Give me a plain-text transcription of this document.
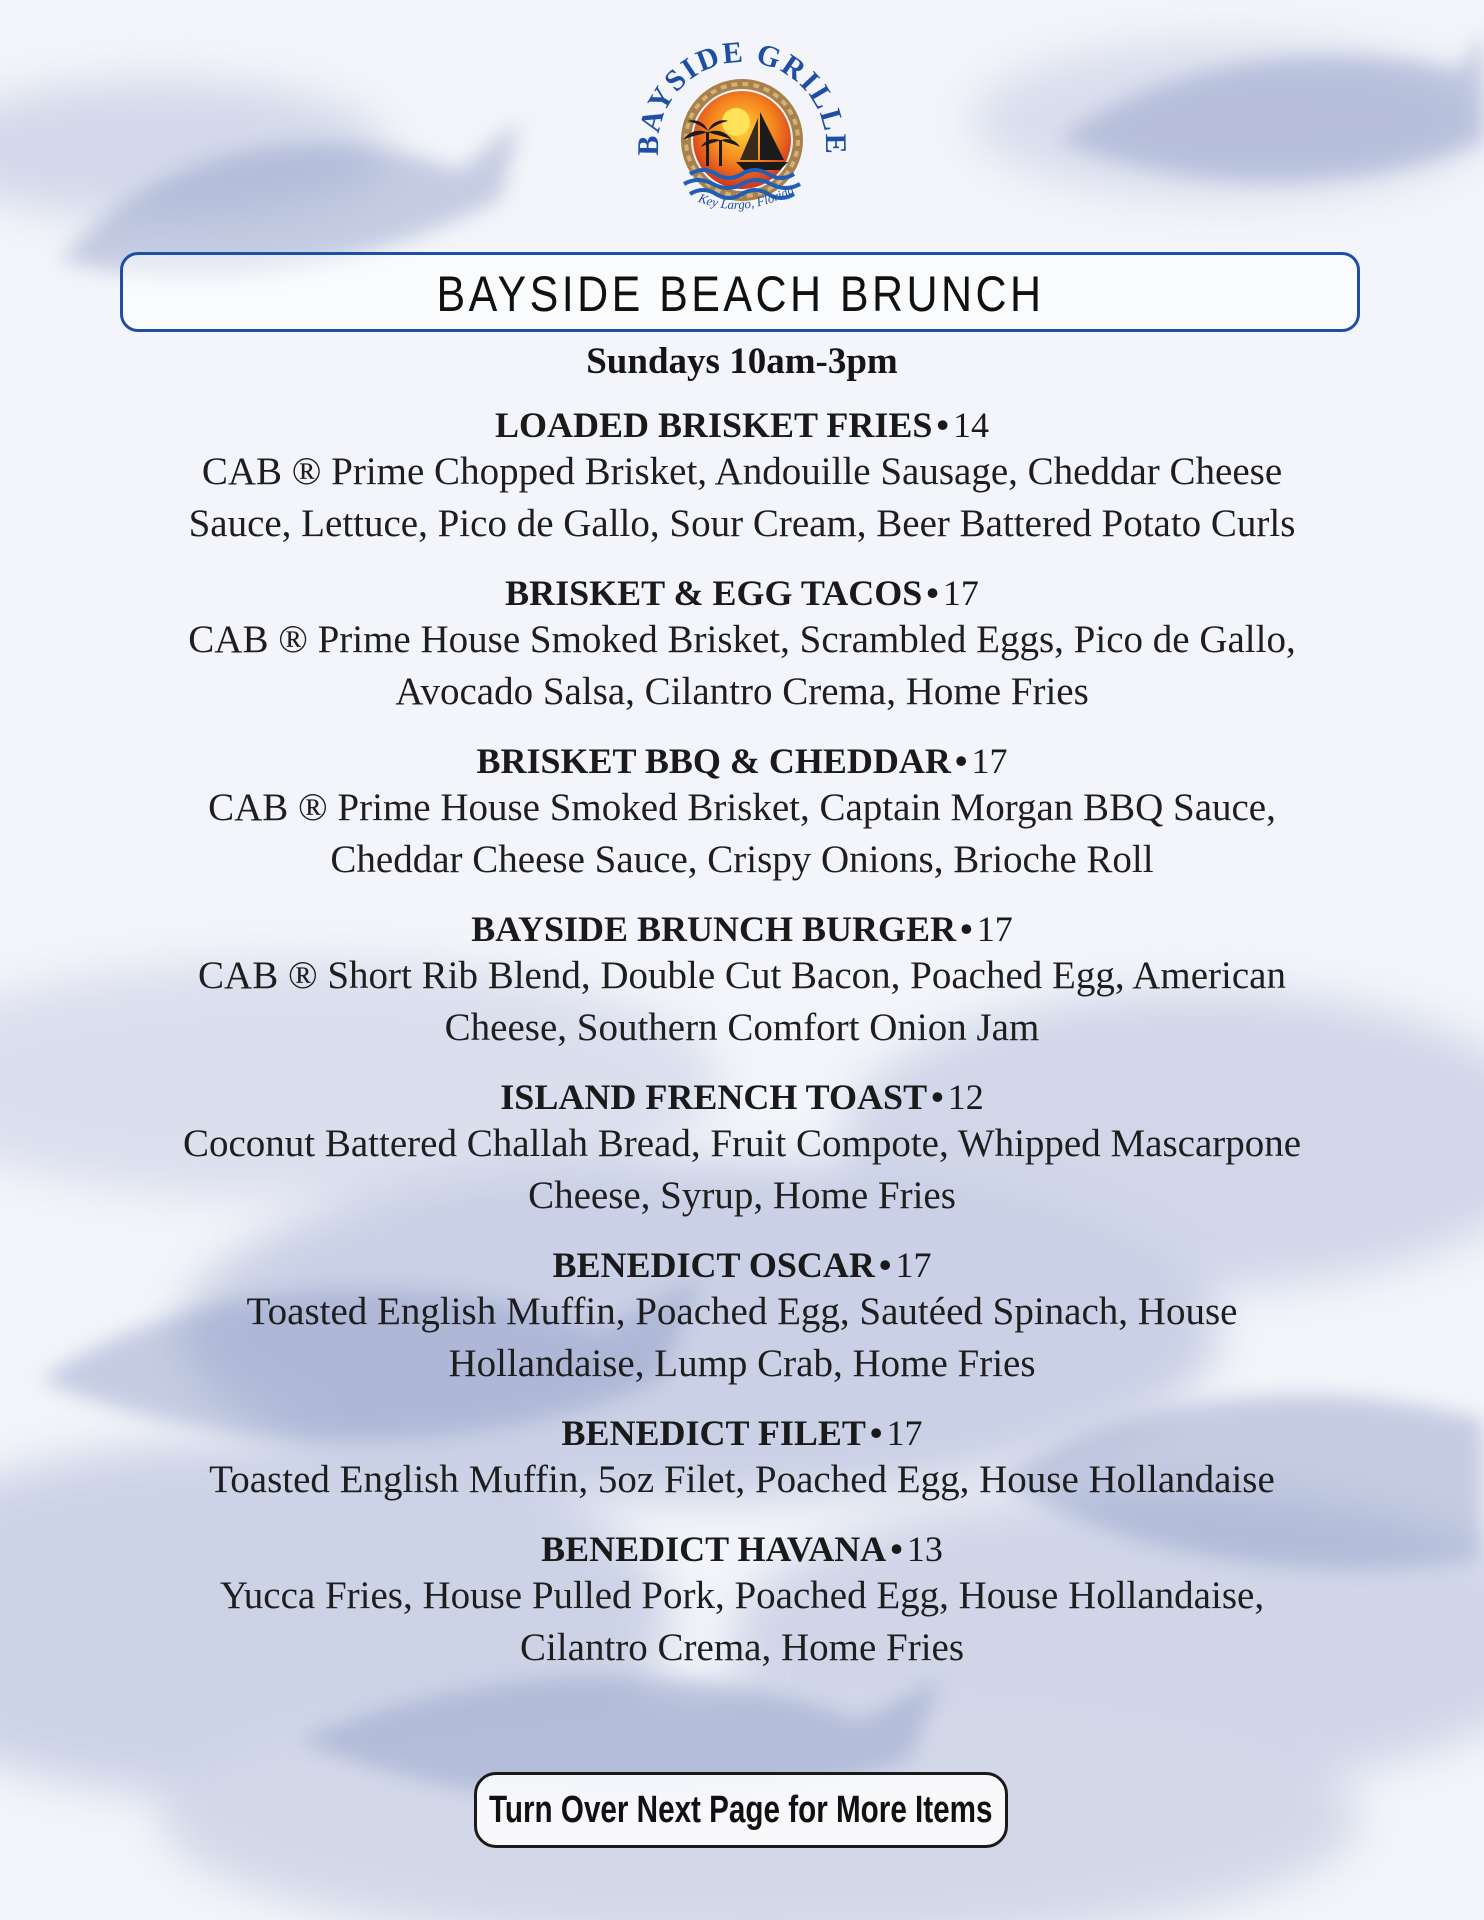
BAYSIDE GRILLE
Key Largo, Florida
BAYSIDE BEACH BRUNCH
Sundays 10am-3pm
LOADED BRISKET FRIES • 14
CAB ® Prime Chopped Brisket, Andouille Sausage, Cheddar Cheese
Sauce, Lettuce, Pico de Gallo, Sour Cream, Beer Battered Potato Curls
BRISKET & EGG TACOS • 17
CAB ® Prime House Smoked Brisket, Scrambled Eggs, Pico de Gallo,
Avocado Salsa, Cilantro Crema, Home Fries
BRISKET BBQ & CHEDDAR • 17
CAB ® Prime House Smoked Brisket, Captain Morgan BBQ Sauce,
Cheddar Cheese Sauce, Crispy Onions, Brioche Roll
BAYSIDE BRUNCH BURGER • 17
CAB ® Short Rib Blend, Double Cut Bacon, Poached Egg, American
Cheese, Southern Comfort Onion Jam
ISLAND FRENCH TOAST • 12
Coconut Battered Challah Bread, Fruit Compote, Whipped Mascarpone
Cheese, Syrup, Home Fries
BENEDICT OSCAR • 17
Toasted English Muffin, Poached Egg, Sautéed Spinach, House
Hollandaise, Lump Crab, Home Fries
BENEDICT FILET • 17
Toasted English Muffin, 5oz Filet, Poached Egg, House Hollandaise
BENEDICT HAVANA • 13
Yucca Fries, House Pulled Pork, Poached Egg, House Hollandaise,
Cilantro Crema, Home Fries
Turn Over Next Page for More Items
